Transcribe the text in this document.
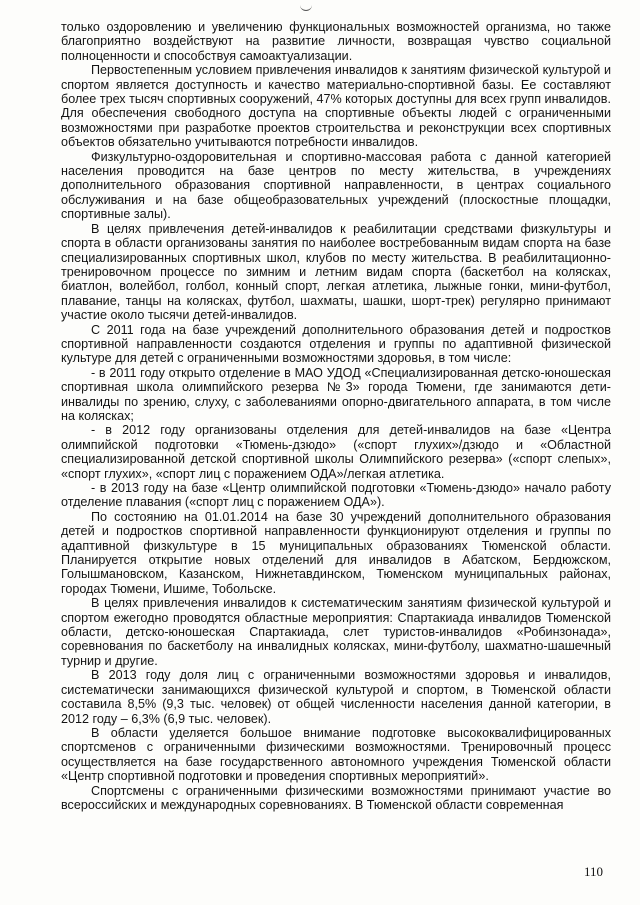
только оздоровлению и увеличению функциональных возможностей организма, но также благоприятно воздействуют на развитие личности, возвращая чувство социальной полноценности и способствуя самоактуализации.

Первостепенным условием привлечения инвалидов к занятиям физической культурой и спортом является доступность и качество материально-спортивной базы. Ее составляют более трех тысяч спортивных сооружений, 47% которых доступны для всех групп инвалидов. Для обеспечения свободного доступа на спортивные объекты людей с ограниченными возможностями при разработке проектов строительства и реконструкции всех спортивных объектов обязательно учитываются потребности инвалидов.

Физкультурно-оздоровительная и спортивно-массовая работа с данной категорией населения проводится на базе центров по месту жительства, в учреждениях дополнительного образования спортивной направленности, в центрах социального обслуживания и на базе общеобразовательных учреждений (плоскостные площадки, спортивные залы).

В целях привлечения детей-инвалидов к реабилитации средствами физкультуры и спорта в области организованы занятия по наиболее востребованным видам спорта на базе специализированных спортивных школ, клубов по месту жительства. В реабилитационно-тренировочном процессе по зимним и летним видам спорта (баскетбол на колясках, биатлон, волейбол, голбол, конный спорт, легкая атлетика, лыжные гонки, мини-футбол, плавание, танцы на колясках, футбол, шахматы, шашки, шорт-трек) регулярно принимают участие около тысячи детей-инвалидов.

С 2011 года на базе учреждений дополнительного образования детей и подростков спортивной направленности создаются отделения и группы по адаптивной физической культуре для детей с ограниченными возможностями здоровья, в том числе:

- в 2011 году открыто отделение в МАО УДОД «Специализированная детско-юношеская спортивная школа олимпийского резерва №3» города Тюмени, где занимаются дети-инвалиды по зрению, слуху, с заболеваниями опорно-двигательного аппарата, в том числе на колясках;

- в 2012 году организованы отделения для детей-инвалидов на базе «Центра олимпийской подготовки «Тюмень-дзюдо» («спорт глухих»/дзюдо и «Областной специализированной детской спортивной школы Олимпийского резерва» («спорт слепых», «спорт глухих», «спорт лиц с поражением ОДА»/легкая атлетика.

- в 2013 году на базе «Центр олимпийской подготовки «Тюмень-дзюдо» начало работу отделение плавания («спорт лиц с поражением ОДА»).

По состоянию на 01.01.2014 на базе 30 учреждений дополнительного образования детей и подростков спортивной направленности функционируют отделения и группы по адаптивной физкультуре в 15 муниципальных образованиях Тюменской области. Планируется открытие новых отделений для инвалидов в Абатском, Бердюжском, Голышмановском, Казанском, Нижнетавдинском, Тюменском муниципальных районах, городах Тюмени, Ишиме, Тобольске.

В целях привлечения инвалидов к систематическим занятиям физической культурой и спортом ежегодно проводятся областные мероприятия: Спартакиада инвалидов Тюменской области, детско-юношеская Спартакиада, слет туристов-инвалидов «Робинзонада», соревнования по баскетболу на инвалидных колясках, мини-футболу, шахматно-шашечный турнир и другие.

В 2013 году доля лиц с ограниченными возможностями здоровья и инвалидов, систематически занимающихся физической культурой и спортом, в Тюменской области составила 8,5% (9,3 тыс. человек) от общей численности населения данной категории, в 2012 году – 6,3% (6,9 тыс. человек).

В области уделяется большое внимание подготовке высококвалифицированных спортсменов с ограниченными физическими возможностями. Тренировочный процесс осуществляется на базе государственного автономного учреждения Тюменской области «Центр спортивной подготовки и проведения спортивных мероприятий».

Спортсмены с ограниченными физическими возможностями принимают участие во всероссийских и международных соревнованиях. В Тюменской области современная

110
